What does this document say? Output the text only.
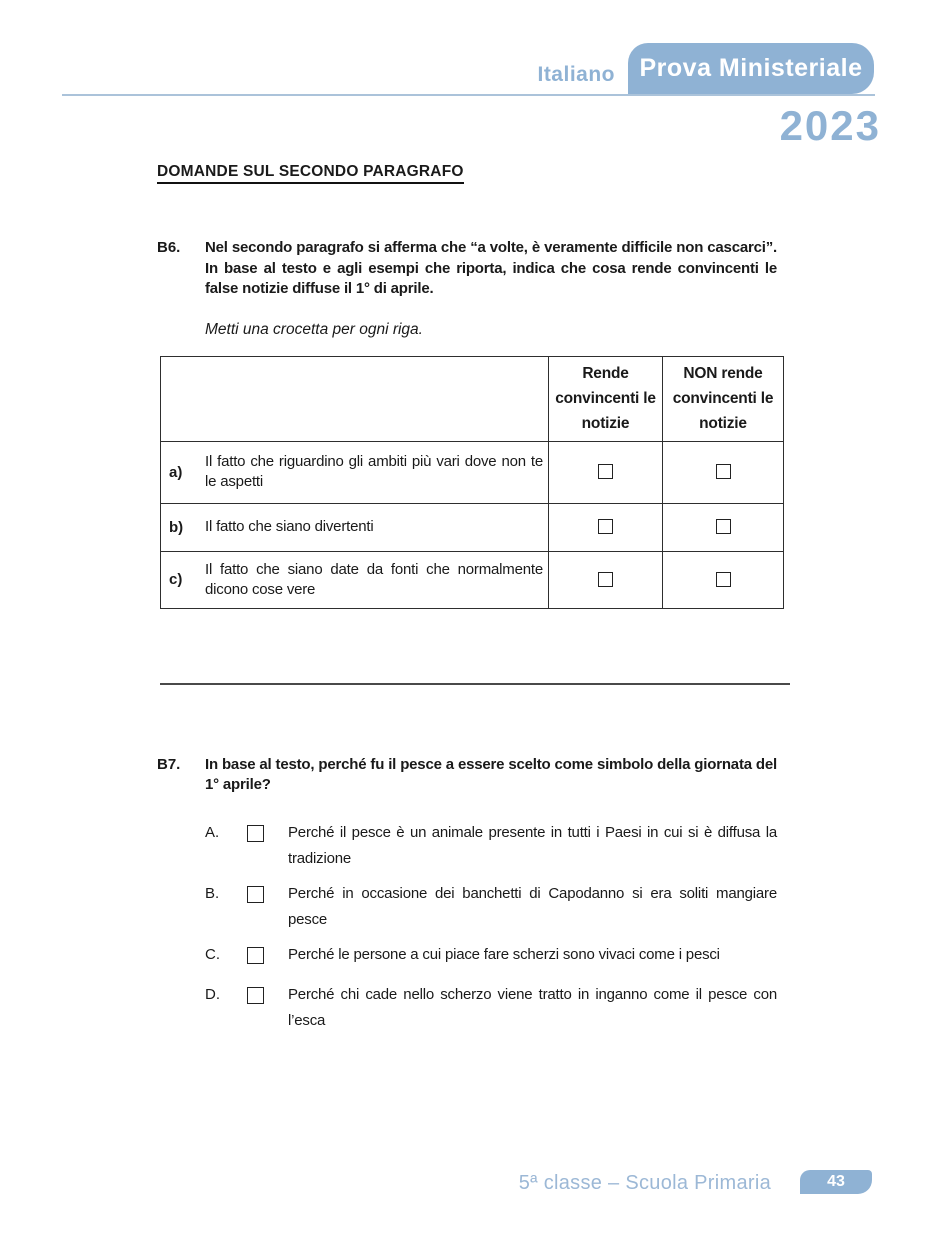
Italiano Prova Ministeriale
2023
DOMANDE SUL SECONDO PARAGRAFO
B6.	Nel secondo paragrafo si afferma che “a volte, è veramente difficile non cascarci”. In base al testo e agli esempi che riporta, indica che cosa rende convincenti le false notizie diffuse il 1° di aprile.
Metti una crocetta per ogni riga.
	Rende convincenti le notizie	NON rende convincenti le notizie

a)
Il fatto che riguardino gli ambiti più vari dove non te le aspetti		

b) Il fatto che siano divertenti		

c)
Il fatto che siano date da fonti che normalmente dicono cose vere		

B7.	In base al testo, perché fu il pesce a essere scelto come simbolo della giornata del 1° aprile?
A.	Perché il pesce è un animale presente in tutti i Paesi in cui si è diffusa la tradizione
B.	Perché in occasione dei banchetti di Capodanno si era soliti mangiare pesce
C.	Perché le persone a cui piace fare scherzi sono vivaci come i pesci
D.	Perché chi cade nello scherzo viene tratto in inganno come il pesce con l’esca
5ª classe – Scuola Primaria	43
